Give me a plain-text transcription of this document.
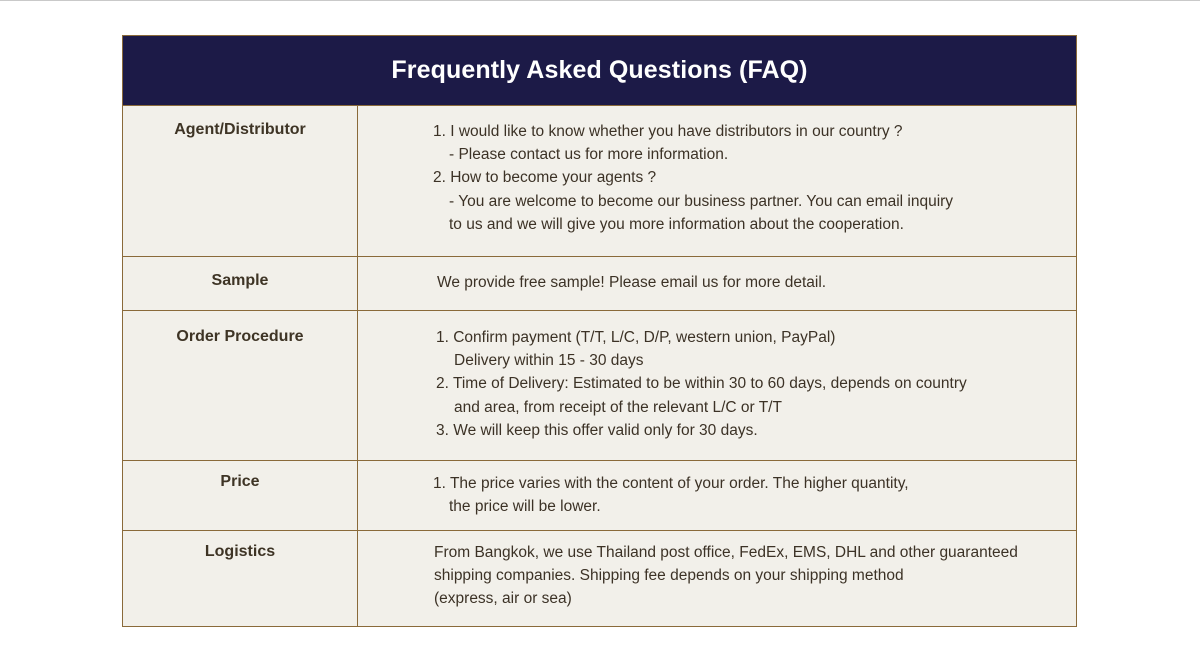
Frequently Asked Questions (FAQ)
Agent/Distributor	1. I would like to know whether you have distributors in our country ?
- Please contact us for more information.
2. How to become your agents ?
- You are welcome to become our business partner. You can email inquiry
to us and we will give you more information about the cooperation.
Sample	We provide free sample! Please email us for more detail.
Order Procedure	1. Confirm payment (T/T, L/C, D/P, western union, PayPal)
Delivery within 15 - 30 days
2. Time of Delivery: Estimated to be within 30 to 60 days, depends on country
and area, from receipt of the relevant L/C or T/T
3. We will keep this offer valid only for 30 days.
Price	1. The price varies with the content of your order. The higher quantity,
the price will be lower.
Logistics	From Bangkok, we use Thailand post office, FedEx, EMS, DHL and other guaranteed
shipping companies. Shipping fee depends on your shipping method
(express, air or sea)
